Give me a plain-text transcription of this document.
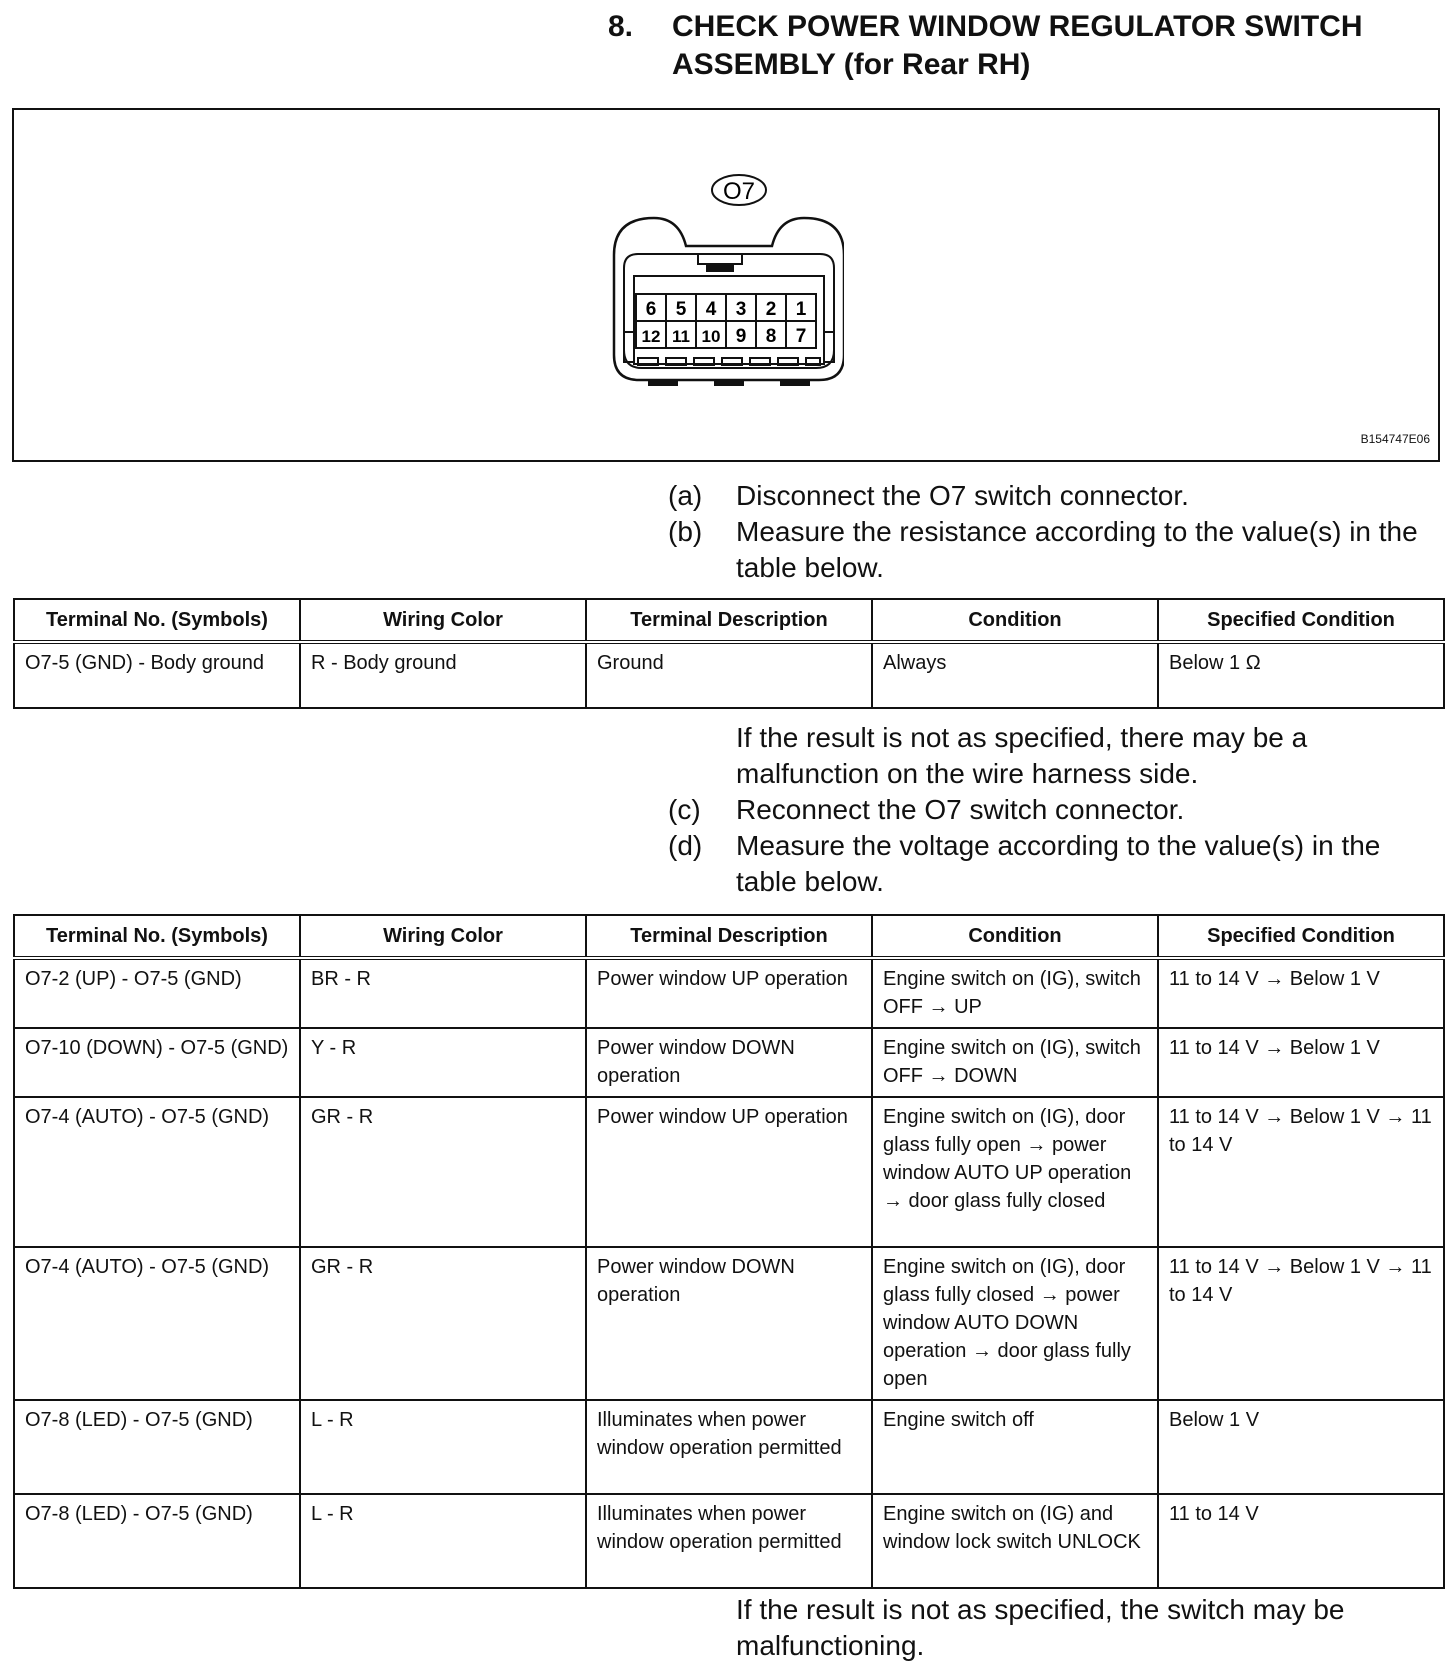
8. CHECK POWER WINDOW REGULATOR SWITCH ASSEMBLY (for Rear RH)
O7
6 5 4 3 2 1
12 11 10 9 8 7
B154747E06
(a) Disconnect the O7 switch connector.
(b) Measure the resistance according to the value(s) in the table below.
Terminal No. (Symbols)	Wiring Color	Terminal Description	Condition	Specified Condition
O7-5 (GND) - Body ground	R - Body ground	Ground	Always	Below 1 Ω
If the result is not as specified, there may be a malfunction on the wire harness side.
(c) Reconnect the O7 switch connector.
(d) Measure the voltage according to the value(s) in the table below.
Terminal No. (Symbols)	Wiring Color	Terminal Description	Condition	Specified Condition
O7-2 (UP) - O7-5 (GND)	BR - R	Power window UP operation	Engine switch on (IG), switch OFF → UP	11 to 14 V → Below 1 V
O7-10 (DOWN) - O7-5 (GND)	Y - R	Power window DOWN operation	Engine switch on (IG), switch OFF → DOWN	11 to 14 V → Below 1 V
O7-4 (AUTO) - O7-5 (GND)	GR - R	Power window UP operation	Engine switch on (IG), door glass fully open → power window AUTO UP operation → door glass fully closed	11 to 14 V → Below 1 V → 11 to 14 V
O7-4 (AUTO) - O7-5 (GND)	GR - R	Power window DOWN operation	Engine switch on (IG), door glass fully closed → power window AUTO DOWN operation → door glass fully open	11 to 14 V → Below 1 V → 11 to 14 V
O7-8 (LED) - O7-5 (GND)	L - R	Illuminates when power window operation permitted	Engine switch off	Below 1 V
O7-8 (LED) - O7-5 (GND)	L - R	Illuminates when power window operation permitted	Engine switch on (IG) and window lock switch UNLOCK	11 to 14 V
If the result is not as specified, the switch may be malfunctioning.
